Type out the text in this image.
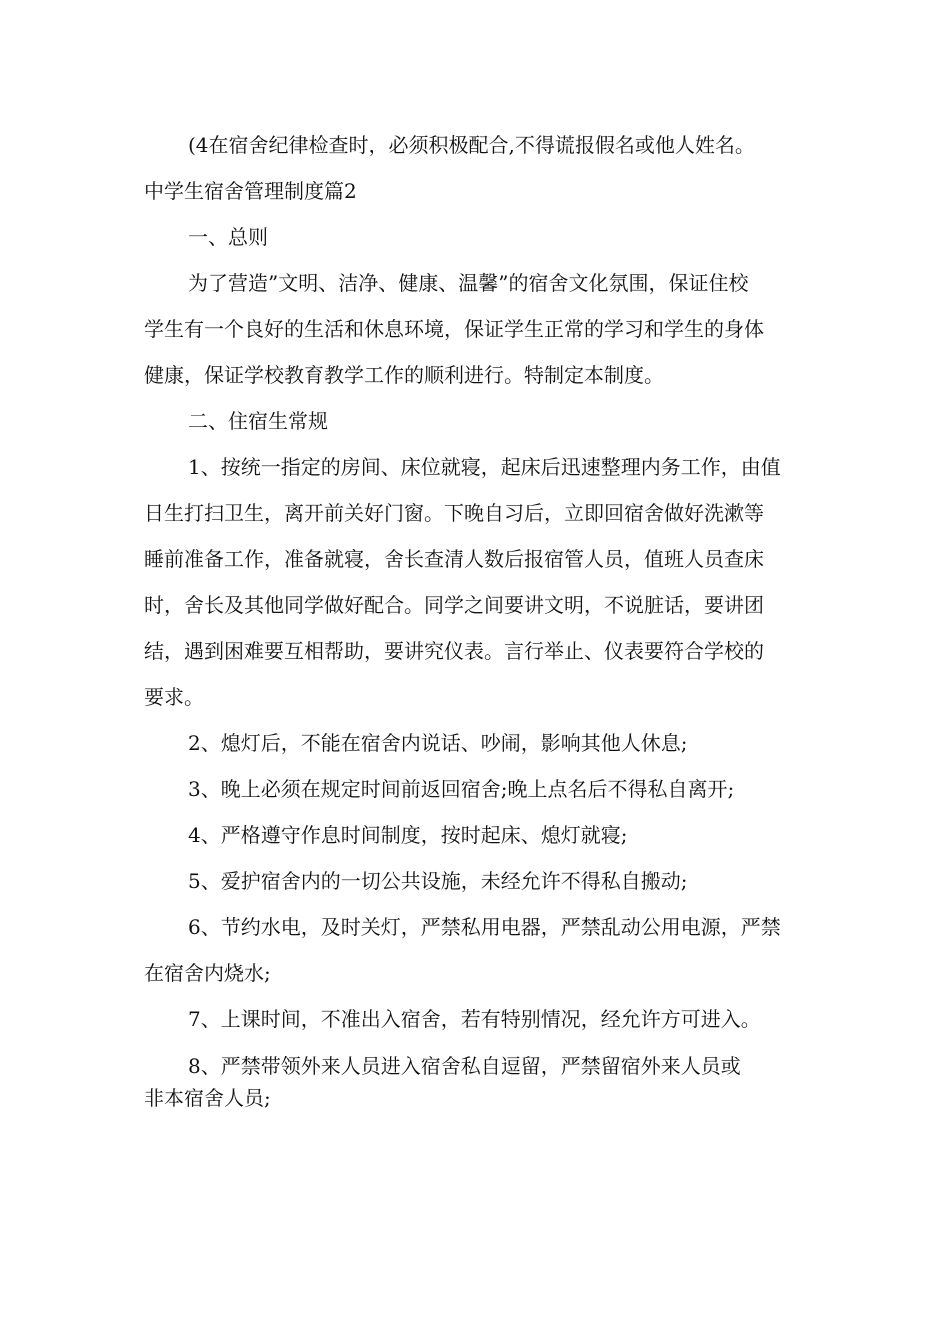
(4在宿舍纪律检查时，必须积极配合,不得谎报假名或他人姓名。

中学生宿舍管理制度篇2

一、总则

为了营造”文明、洁净、健康、温馨”的宿舍文化氛围，保证住校

学生有一个良好的生活和休息环境，保证学生正常的学习和学生的身体

健康，保证学校教育教学工作的顺利进行。特制定本制度。

二、住宿生常规

1、按统一指定的房间、床位就寝，起床后迅速整理内务工作，由值

日生打扫卫生，离开前关好门窗。下晚自习后，立即回宿舍做好洗漱等

睡前准备工作，准备就寝，舍长查清人数后报宿管人员，值班人员查床

时，舍长及其他同学做好配合。同学之间要讲文明，不说脏话，要讲团

结，遇到困难要互相帮助，要讲究仪表。言行举止、仪表要符合学校的

要求。

2、熄灯后，不能在宿舍内说话、吵闹，影响其他人休息;

3、晚上必须在规定时间前返回宿舍;晚上点名后不得私自离开;

4、严格遵守作息时间制度，按时起床、熄灯就寝;

5、爱护宿舍内的一切公共设施，未经允许不得私自搬动;

6、节约水电，及时关灯，严禁私用电器，严禁乱动公用电源，严禁

在宿舍内烧水;

7、上课时间，不准出入宿舍，若有特别情况，经允许方可进入。

8、严禁带领外来人员进入宿舍私自逗留，严禁留宿外来人员或

非本宿舍人员;
